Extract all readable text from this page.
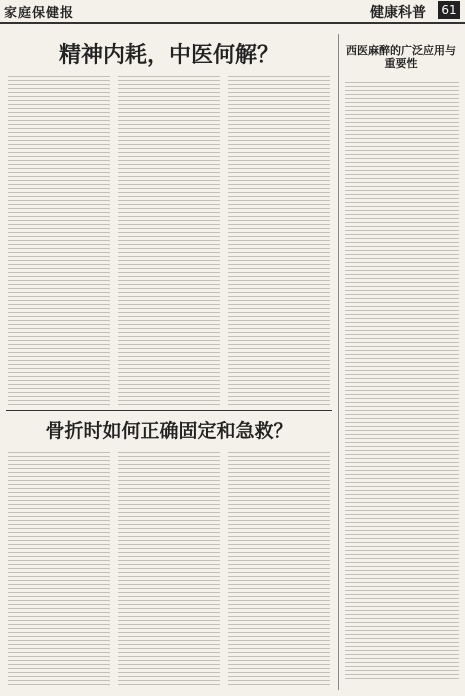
家庭保健报	健康科普 61
精神内耗，中医何解？
骨折时如何正确固定和急救？
西医麻醉的广泛应用与重要性
